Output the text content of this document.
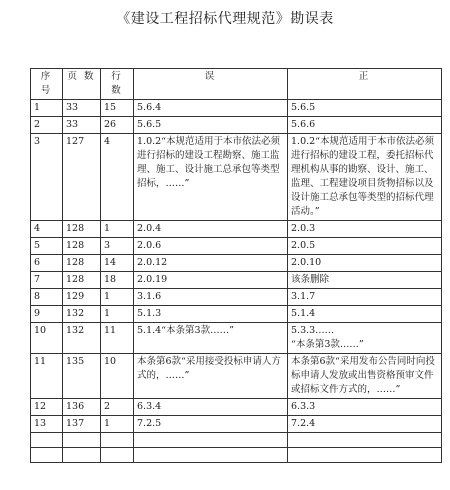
《建设工程招标代理规范》勘误表
序 号	页 数	行 数	误	正
1	33	15	5.6.4	5.6.5
2	33	26	5.6.5	5.6.6
3	127	4	1.0.2“本规范适用于本市依法必须进行招标的建设工程勘察、施工监理、施工、设计施工总承包等类型招标，……”	1.0.2“本规范适用于本市依法必须进行招标的建设工程，委托招标代理机构从事的勘察、设计、施工、监理、工程建设项目货物招标以及设计施工总承包等类型的招标代理活动。”
4	128	1	2.0.4	2.0.3
5	128	3	2.0.6	2.0.5
6	128	14	2.0.12	2.0.10
7	128	18	2.0.19	该条删除
8	129	1	3.1.6	3.1.7
9	132	1	5.1.3	5.1.4
10	132	11	5.1.4“本条第3款……”	5.3.3……
“本条第3款……”
11	135	10	本条第6款“采用接受投标申请人方式的，……”	本条第6款“采用发布公告同时向投标申请人发放或出售资格预审文件或招标文件方式的，……”
12	136	2	6.3.4	6.3.3
13	137	1	7.2.5	7.2.4
